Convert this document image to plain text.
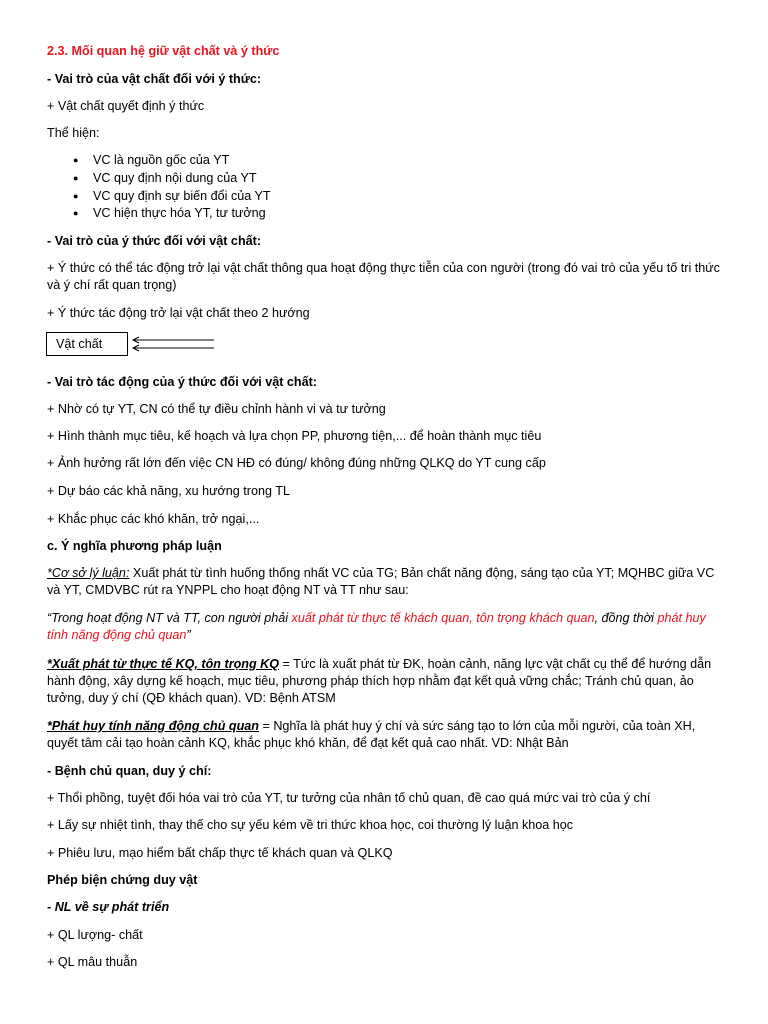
2.3. Mối quan hệ giữ vật chất và ý thức
- Vai trò của vật chất đối với ý thức:
+ Vật chất quyết định ý thức
Thể hiện:
●	VC là nguồn gốc của YT
●	VC quy định nội dung của YT
●	VC quy định sự biến đổi của YT
●	VC hiện thực hóa YT, tư tưởng
- Vai trò của ý thức đối với vật chất:
+ Ý thức có thể tác động trở lại vật chất thông qua hoạt động thực tiễn của con người (trong đó vai trò của yếu tố tri thức và ý chí rất quan trọng)
+ Ý thức tác động trở lại vật chất theo 2 hướng
Vật chất
- Vai trò tác động của ý thức đối với vật chất:
+ Nhờ có tự YT, CN có thể tự điều chỉnh hành vi và tư tưởng
+ Hình thành mục tiêu, kế hoạch và lựa chọn PP, phương tiện,... để hoàn thành mục tiêu
+ Ảnh hưởng rất lớn đến việc CN HĐ có đúng/ không đúng những QLKQ do YT cung cấp
+ Dự báo các khả năng, xu hướng trong TL
+ Khắc phục các khó khăn, trở ngại,...
c. Ý nghĩa phương pháp luận
*Cơ sở lý luận: Xuất phát từ tình huống thống nhất VC của TG; Bản chất năng động, sáng tạo của YT; MQHBC giữa VC và YT, CMDVBC rút ra YNPPL cho hoạt động NT và TT như sau:
“Trong hoạt động NT và TT, con người phải xuất phát từ thực tế khách quan, tôn trọng khách quan, đồng thời phát huy tính năng động chủ quan”
*Xuất phát từ thực tế KQ, tôn trọng KQ = Tức là xuất phát từ ĐK, hoàn cảnh, năng lực vật chất cụ thể để hướng dẫn hành động, xây dựng kế hoạch, mục tiêu, phương pháp thích hợp nhằm đạt kết quả vững chắc; Tránh chủ quan, ảo tưởng, duy ý chí (QĐ khách quan). VD: Bệnh ATSM
*Phát huy tính năng động chủ quan = Nghĩa là phát huy ý chí và sức sáng tạo to lớn của mỗi người, của toàn XH, quyết tâm cải tạo hoàn cảnh KQ, khắc phục khó khăn, để đạt kết quả cao nhất. VD: Nhật Bản
- Bệnh chủ quan, duy ý chí:
+ Thổi phồng, tuyệt đối hóa vai trò của YT, tư tưởng của nhân tố chủ quan, đề cao quá mức vai trò của ý chí
+ Lấy sự nhiệt tình, thay thế cho sự yếu kém về tri thức khoa học, coi thường lý luận khoa học
+ Phiêu lưu, mạo hiểm bất chấp thực tế khách quan và QLKQ
Phép biện chứng duy vật
- NL về sự phát triển
+ QL lượng- chất
+ QL mâu thuẫn
